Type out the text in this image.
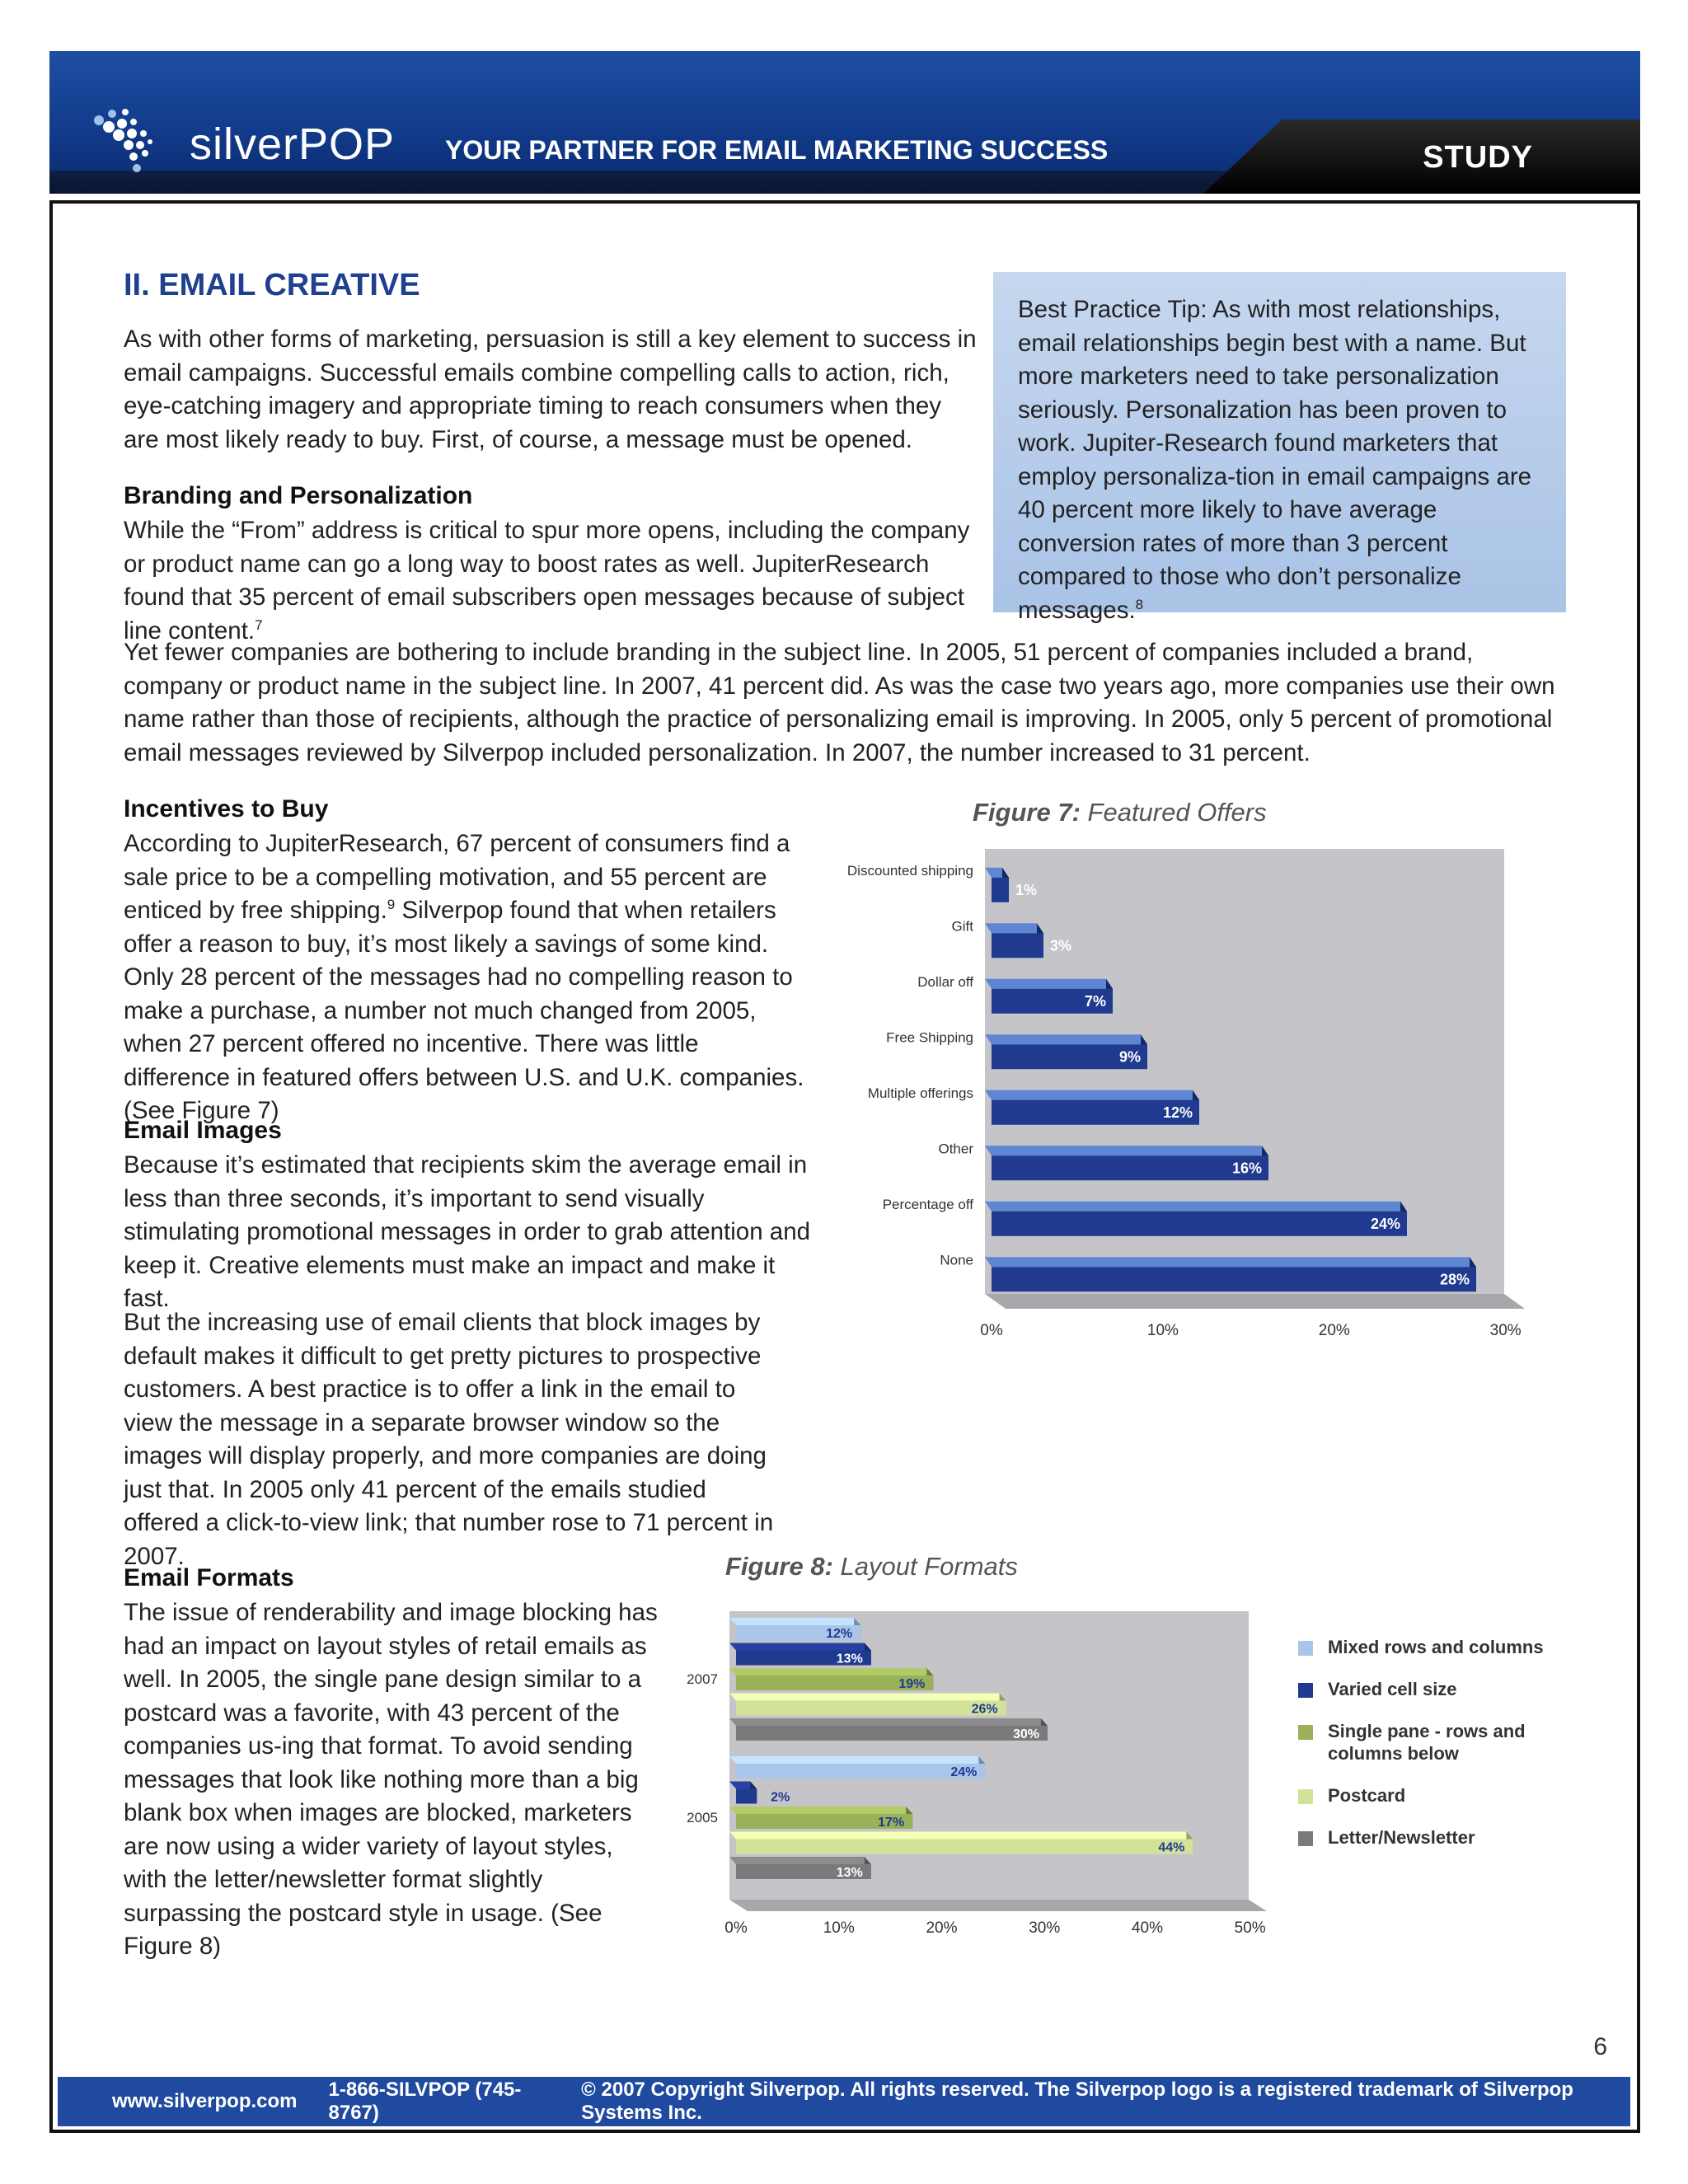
silverPOP YOUR PARTNER FOR EMAIL MARKETING SUCCESS	STUDY
II. EMAIL CREATIVE
As with other forms of marketing, persuasion is still a key element to success in email campaigns. Successful emails combine compelling calls to action, rich, eye-catching imagery and appropriate timing to reach consumers when they are most likely ready to buy. First, of course, a message must be opened.
Branding and Personalization
While the “From” address is critical to spur more opens, including the company or product name can go a long way to boost rates as well. JupiterResearch found that 35 percent of email subscribers open messages because of subject line content.$^7$
Best Practice Tip: As with most relationships, email relationships begin best with a name. But more marketers need to take personalization seriously. Personalization has been proven to work. Jupiter-Research found marketers that employ personaliza-tion in email campaigns are 40 percent more likely to have average conversion rates of more than 3 percent compared to those who don’t personalize messages.$^8$
Yet fewer companies are bothering to include branding in the subject line. In 2005, 51 percent of companies included a brand, company or product name in the subject line. In 2007, 41 percent did. As was the case two years ago, more companies use their own name rather than those of recipients, although the practice of personalizing email is improving. In 2005, only 5 percent of promotional email messages reviewed by Silverpop included personalization. In 2007, the number increased to 31 percent.
Incentives to Buy
According to JupiterResearch, 67 percent of consumers find a sale price to be a compelling motivation, and 55 percent are enticed by free shipping.$^9$ Silverpop found that when retailers offer a reason to buy, it’s most likely a savings of some kind. Only 28 percent of the messages had no compelling reason to make a purchase, a number not much changed from 2005, when 27 percent offered no incentive. There was little difference in featured offers between U.S. and U.K. companies. (See Figure 7)
Email Images
Because it’s estimated that recipients skim the average email in less than three seconds, it’s important to send visually stimulating promotional messages in order to grab attention and keep it. Creative elements must make an impact and make it fast.
But the increasing use of email clients that block images by default makes it difficult to get pretty pictures to prospective customers. A best practice is to offer a link in the email to view the message in a separate browser window so the images will display properly, and more companies are doing just that. In 2005 only 41 percent of the emails studied offered a click-to-view link; that number rose to 71 percent in 2007.
Email Formats
The issue of renderability and image blocking has had an impact on layout styles of retail emails as well. In 2005, the single pane design similar to a postcard was a favorite, with 43 percent of the companies us-ing that format. To avoid sending messages that look like nothing more than a big blank box when images are blocked, marketers are now using a wider variety of layout styles, with the letter/newsletter format slightly surpassing the postcard style in usage. (See Figure 8)
Figure 7: Featured Offers
Discounted shipping
1%
Gift
3%
Dollar off
7%
Free Shipping
9%
Multiple offerings
12%
Other
16%
Percentage off
24%
None
28%
0%	10%	20%	30%
Figure 8: Layout Formats
2007
12%
13%
19%
26%
30%
2005
24%
2%
17%
44%
13%
0%	10%	20%	30%	40%	50%
Mixed rows and columns
Varied cell size
Single pane - rows and columns below
Postcard
Letter/Newsletter
6
www.silverpop.com
1-866-SILVPOP (745-8767)
© 2007 Copyright Silverpop. All rights reserved. The Silverpop logo is a registered trademark of Silverpop Systems Inc.
